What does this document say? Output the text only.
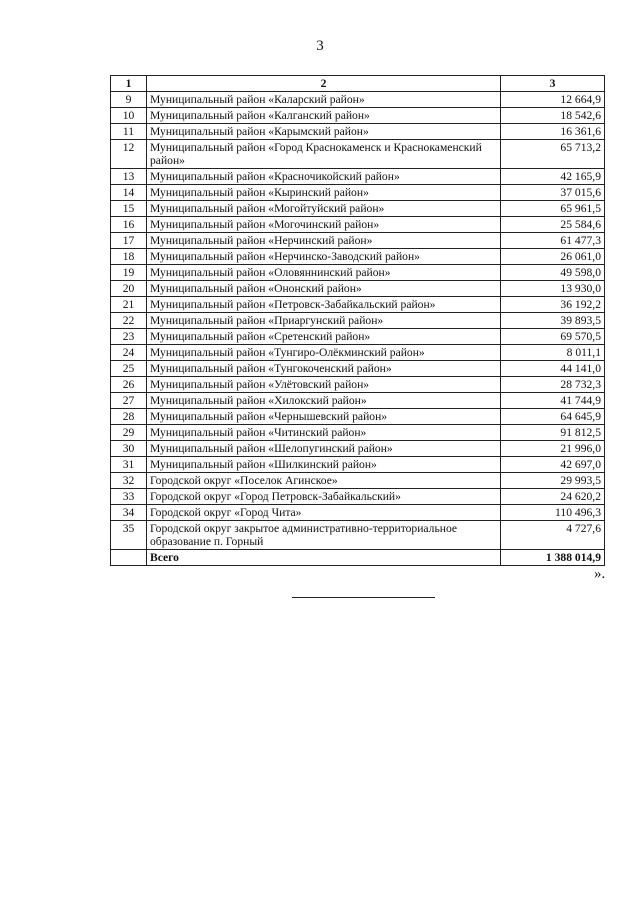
3
1	2	3
9	Муниципальный район «Каларский район»	12 664,9
10	Муниципальный район «Калганский район»	18 542,6
11	Муниципальный район «Карымский район»	16 361,6
12	Муниципальный район «Город Краснокаменск и Краснокаменский район»	65 713,2
13	Муниципальный район «Красночикойский район»	42 165,9
14	Муниципальный район «Кыринский район»	37 015,6
15	Муниципальный район «Могойтуйский район»	65 961,5
16	Муниципальный район «Могочинский район»	25 584,6
17	Муниципальный район «Нерчинский район»	61 477,3
18	Муниципальный район «Нерчинско-Заводский район»	26 061,0
19	Муниципальный район «Оловяннинский район»	49 598,0
20	Муниципальный район «Ононский район»	13 930,0
21	Муниципальный район «Петровск-Забайкальский район»	36 192,2
22	Муниципальный район «Приаргунский район»	39 893,5
23	Муниципальный район «Сретенский район»	69 570,5
24	Муниципальный район «Тунгиро-Олёкминский район»	8 011,1
25	Муниципальный район «Тунгокоченский район»	44 141,0
26	Муниципальный район «Улётовский район»	28 732,3
27	Муниципальный район «Хилокский район»	41 744,9
28	Муниципальный район «Чернышевский район»	64 645,9
29	Муниципальный район «Читинский район»	91 812,5
30	Муниципальный район «Шелопугинский район»	21 996,0
31	Муниципальный район «Шилкинский район»	42 697,0
32	Городской округ «Поселок Агинское»	29 993,5
33	Городской округ «Город Петровск-Забайкальский»	24 620,2
34	Городской округ «Город Чита»	110 496,3
35	Городской округ закрытое административно-территориальное образование п. Горный	4 727,6
	Всего	1 388 014,9
».
